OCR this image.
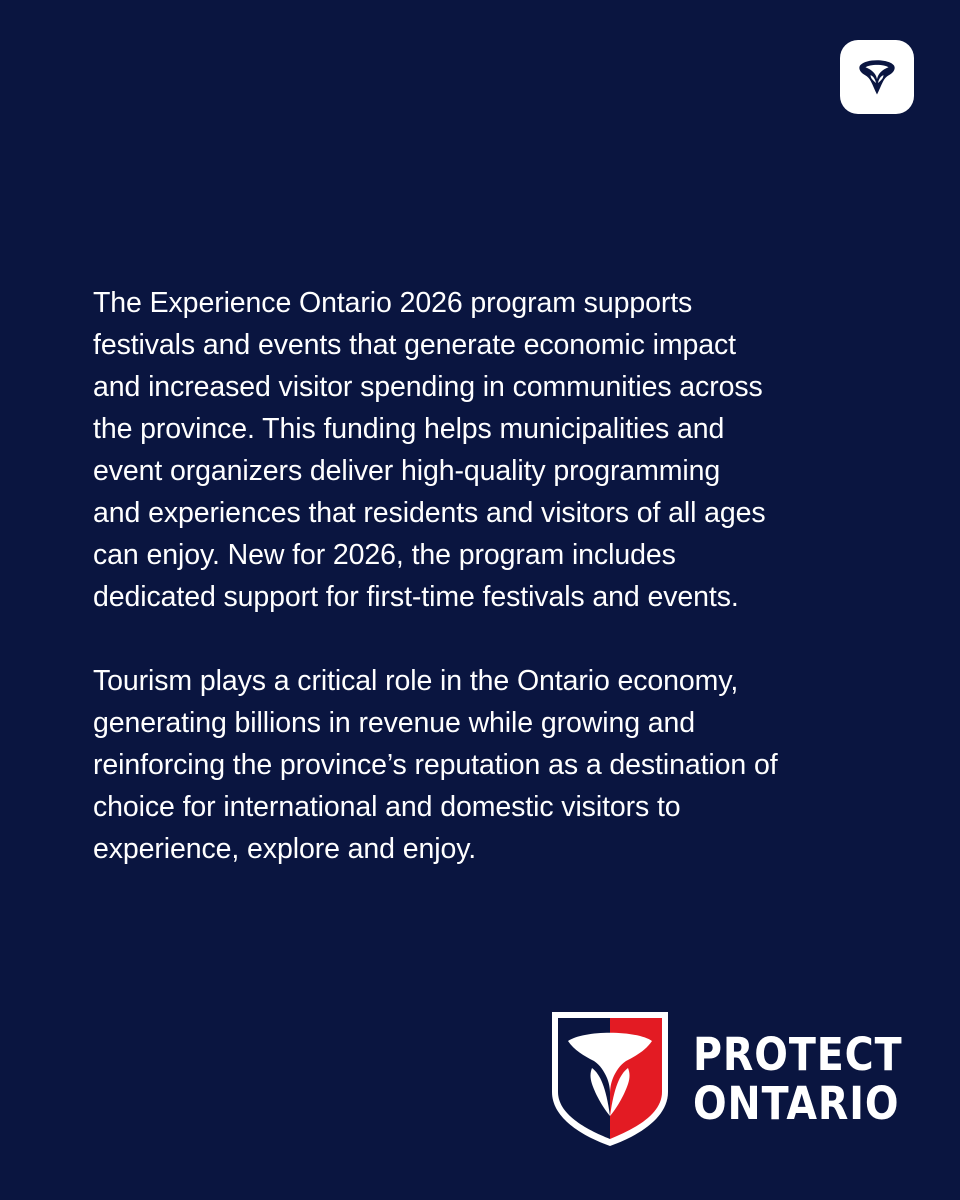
The Experience Ontario 2026 program supports
festivals and events that generate economic impact
and increased visitor spending in communities across
the province. This funding helps municipalities and
event organizers deliver high-quality programming
and experiences that residents and visitors of all ages
can enjoy. New for 2026, the program includes
dedicated support for first-time festivals and events.

Tourism plays a critical role in the Ontario economy,
generating billions in revenue while growing and
reinforcing the province’s reputation as a destination of
choice for international and domestic visitors to
experience, explore and enjoy.

PROTECT
ONTARIO
